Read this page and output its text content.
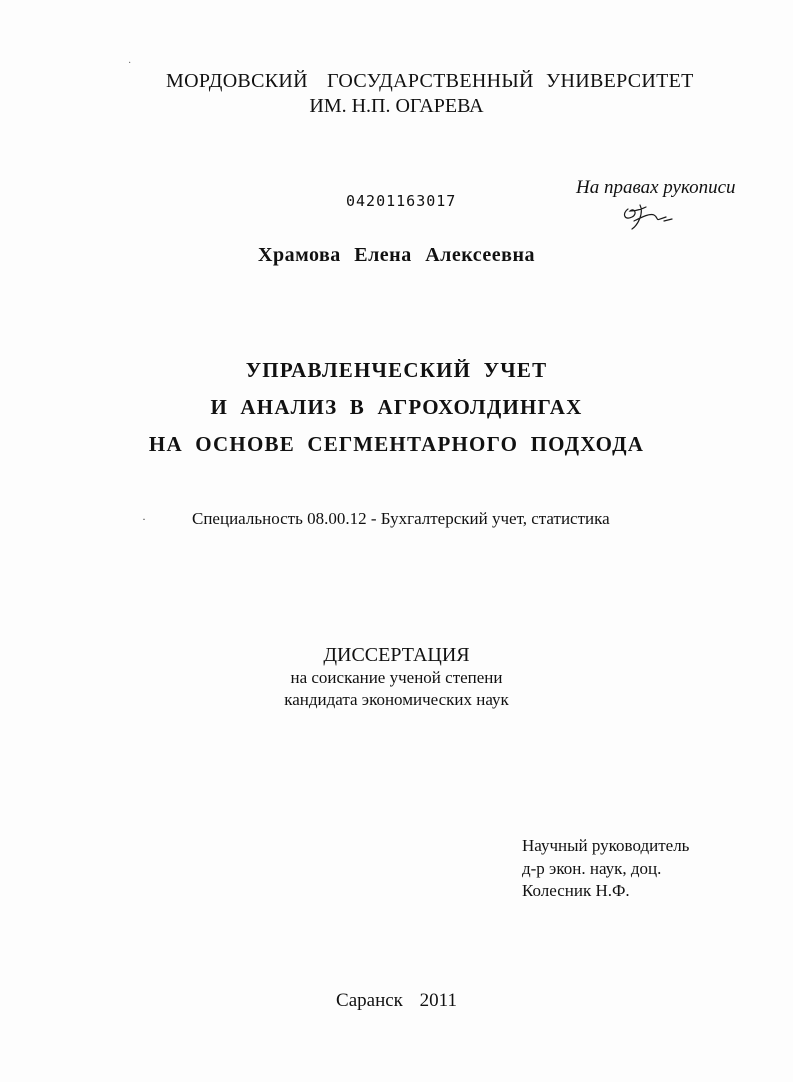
·
МОРДОВСКИЙ ГОСУДАРСТВЕННЫЙ УНИВЕРСИТЕТ
ИМ. Н.П. ОГАРЕВА
04201163017
На правах рукописи
Храмова Елена Алексеевна
УПРАВЛЕНЧЕСКИЙ УЧЕТ
И АНАЛИЗ В АГРОХОЛДИНГАХ
НА ОСНОВЕ СЕГМЕНТАРНОГО ПОДХОДА
·	Специальность 08.00.12 - Бухгалтерский учет, статистика
ДИССЕРТАЦИЯ
на соискание ученой степени
кандидата экономических наук
Научный руководитель
д-р экон. наук, доц.
Колесник Н.Ф.
Саранск 2011
